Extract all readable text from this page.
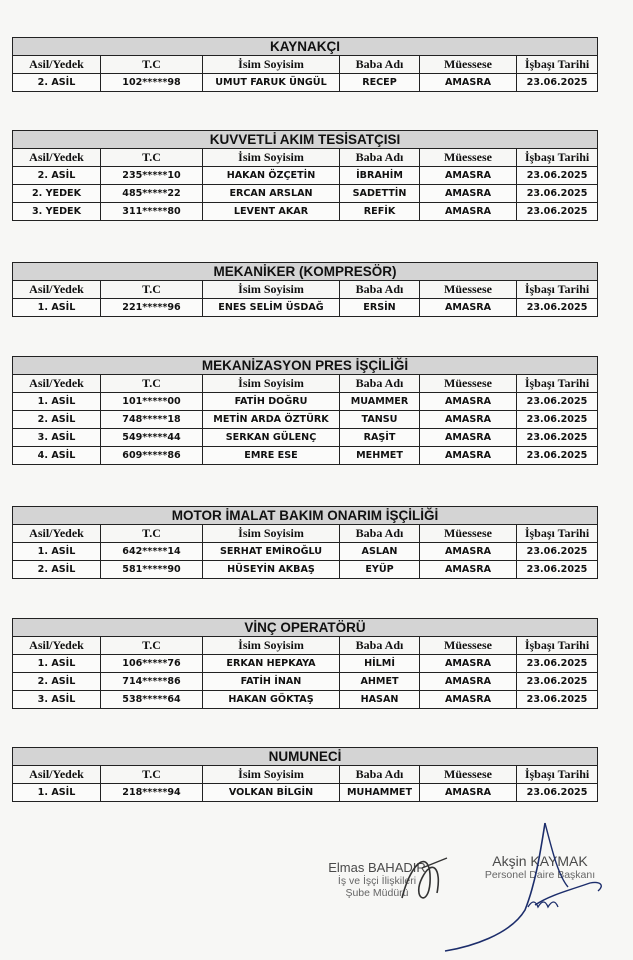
KAYNAKÇI					
Asil/Yedek	T.C	İsim Soyisim	Baba Adı	Müessese	İşbaşı Tarihi
2. ASİL	102*****98	UMUT FARUK ÜNGÜL	RECEP	AMASRA	23.06.2025
KUVVETLİ AKIM TESİSATÇISI					
Asil/Yedek	T.C	İsim Soyisim	Baba Adı	Müessese	İşbaşı Tarihi
2. ASİL	235*****10	HAKAN ÖZÇETİN	İBRAHİM	AMASRA	23.06.2025
2. YEDEK	485*****22	ERCAN ARSLAN	SADETTİN	AMASRA	23.06.2025
3. YEDEK	311*****80	LEVENT AKAR	REFİK	AMASRA	23.06.2025
MEKANİKER (KOMPRESÖR)					
Asil/Yedek	T.C	İsim Soyisim	Baba Adı	Müessese	İşbaşı Tarihi
1. ASİL	221*****96	ENES SELİM ÜSDAĞ	ERSİN	AMASRA	23.06.2025
MEKANİZASYON PRES İŞÇİLİĞİ					
Asil/Yedek	T.C	İsim Soyisim	Baba Adı	Müessese	İşbaşı Tarihi
1. ASİL	101*****00	FATİH DOĞRU	MUAMMER	AMASRA	23.06.2025
2. ASİL	748*****18	METİN ARDA ÖZTÜRK	TANSU	AMASRA	23.06.2025
3. ASİL	549*****44	SERKAN GÜLENÇ	RAŞİT	AMASRA	23.06.2025
4. ASİL	609*****86	EMRE ESE	MEHMET	AMASRA	23.06.2025
MOTOR İMALAT BAKIM ONARIM İŞÇİLİĞİ					
Asil/Yedek	T.C	İsim Soyisim	Baba Adı	Müessese	İşbaşı Tarihi
1. ASİL	642*****14	SERHAT EMİROĞLU	ASLAN	AMASRA	23.06.2025
2. ASİL	581*****90	HÜSEYİN AKBAŞ	EYÜP	AMASRA	23.06.2025
VİNÇ OPERATÖRÜ					
Asil/Yedek	T.C	İsim Soyisim	Baba Adı	Müessese	İşbaşı Tarihi
1. ASİL	106*****76	ERKAN HEPKAYA	HİLMİ	AMASRA	23.06.2025
2. ASİL	714*****86	FATİH İNAN	AHMET	AMASRA	23.06.2025
3. ASİL	538*****64	HAKAN GÖKTAŞ	HASAN	AMASRA	23.06.2025
NUMUNECİ					
Asil/Yedek	T.C	İsim Soyisim	Baba Adı	Müessese	İşbaşı Tarihi
1. ASİL	218*****94	VOLKAN BİLGİN	MUHAMMET	AMASRA	23.06.2025
Elmas BAHADIR
İş ve İşçi İlişkileri
Şube Müdürü
Akşin KAYMAK
Personel Daire Başkanı
